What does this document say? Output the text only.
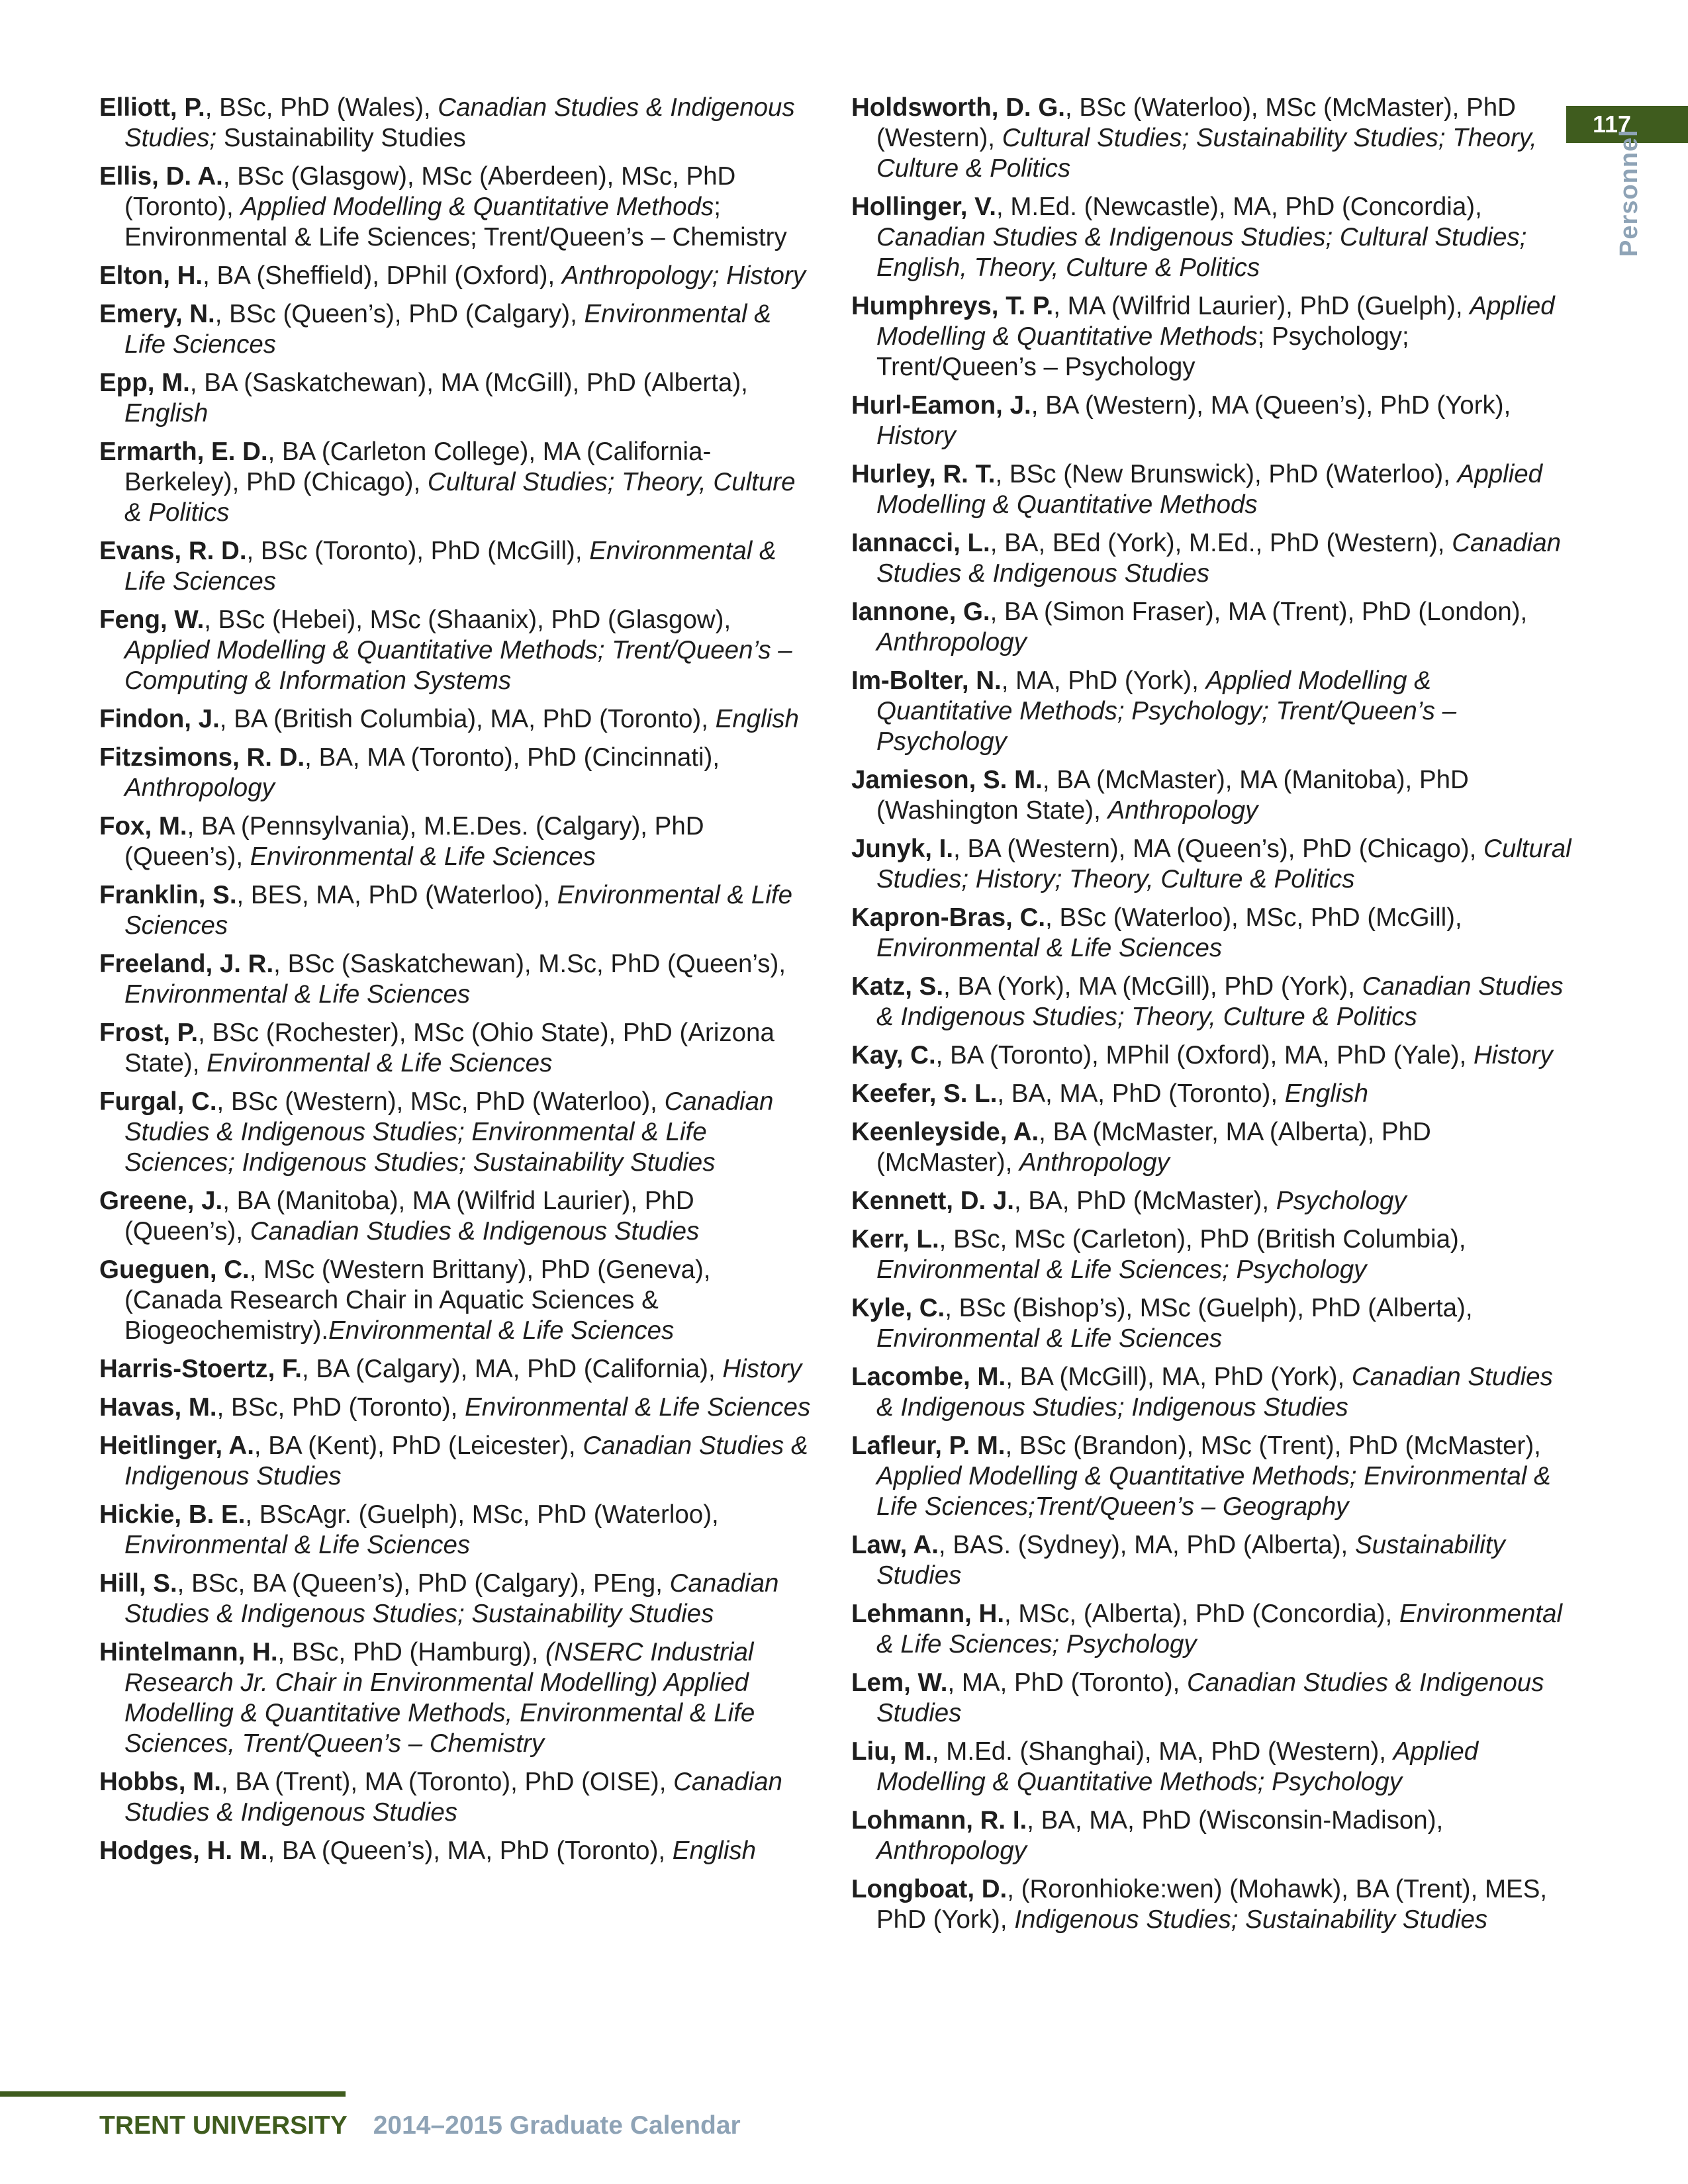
117
Personnel
Elliott, P., BSc, PhD (Wales), Canadian Studies & Indigenous Studies; Sustainability Studies
Ellis, D. A., BSc (Glasgow), MSc (Aberdeen), MSc, PhD (Toronto), Applied Modelling & Quantitative Methods; Environmental & Life Sciences; Trent/Queen’s – Chemistry
Elton, H., BA (Sheffield), DPhil (Oxford), Anthropology; History
Emery, N., BSc (Queen’s), PhD (Calgary), Environmental & Life Sciences
Epp, M., BA (Saskatchewan), MA (McGill), PhD (Alberta), English
Ermarth, E. D., BA (Carleton College), MA (California-Berkeley), PhD (Chicago), Cultural Studies; Theory, Culture & Politics
Evans, R. D., BSc (Toronto), PhD (McGill), Environmental & Life Sciences
Feng, W., BSc (Hebei), MSc (Shaanix), PhD (Glasgow), Applied Modelling & Quantitative Methods; Trent/Queen’s – Computing & Information Systems
Findon, J., BA (British Columbia), MA, PhD (Toronto), English
Fitzsimons, R. D., BA, MA (Toronto), PhD (Cincinnati), Anthropology
Fox, M., BA (Pennsylvania), M.E.Des. (Calgary), PhD (Queen’s), Environmental & Life Sciences
Franklin, S., BES, MA, PhD (Waterloo), Environmental & Life Sciences
Freeland, J. R., BSc (Saskatchewan), M.Sc, PhD (Queen’s), Environmental & Life Sciences
Frost, P., BSc (Rochester), MSc (Ohio State), PhD (Arizona State), Environmental & Life Sciences
Furgal, C., BSc (Western), MSc, PhD (Waterloo), Canadian Studies & Indigenous Studies; Environmental & Life Sciences; Indigenous Studies; Sustainability Studies
Greene, J., BA (Manitoba), MA (Wilfrid Laurier), PhD (Queen’s), Canadian Studies & Indigenous Studies
Gueguen, C., MSc (Western Brittany), PhD (Geneva), (Canada Research Chair in Aquatic Sciences & Biogeochemistry).Environmental & Life Sciences
Harris-Stoertz, F., BA (Calgary), MA, PhD (California), History
Havas, M., BSc, PhD (Toronto), Environmental & Life Sciences
Heitlinger, A., BA (Kent), PhD (Leicester), Canadian Studies & Indigenous Studies
Hickie, B. E., BScAgr. (Guelph), MSc, PhD (Waterloo), Environmental & Life Sciences
Hill, S., BSc, BA (Queen’s), PhD (Calgary), PEng, Canadian Studies & Indigenous Studies; Sustainability Studies
Hintelmann, H., BSc, PhD (Hamburg), (NSERC Industrial Research Jr. Chair in Environmental Modelling) Applied Modelling & Quantitative Methods, Environmental & Life Sciences, Trent/Queen’s – Chemistry
Hobbs, M., BA (Trent), MA (Toronto), PhD (OISE), Canadian Studies & Indigenous Studies
Hodges, H. M., BA (Queen’s), MA, PhD (Toronto), English
Holdsworth, D. G., BSc (Waterloo), MSc (McMaster), PhD (Western), Cultural Studies; Sustainability Studies; Theory, Culture & Politics
Hollinger, V., M.Ed. (Newcastle), MA, PhD (Concordia), Canadian Studies & Indigenous Studies; Cultural Studies; English, Theory, Culture & Politics
Humphreys, T. P., MA (Wilfrid Laurier), PhD (Guelph), Applied Modelling & Quantitative Methods; Psychology; Trent/Queen’s – Psychology
Hurl-Eamon, J., BA (Western), MA (Queen’s), PhD (York), History
Hurley, R. T., BSc (New Brunswick), PhD (Waterloo), Applied Modelling & Quantitative Methods
Iannacci, L., BA, BEd (York), M.Ed., PhD (Western), Canadian Studies & Indigenous Studies
Iannone, G., BA (Simon Fraser), MA (Trent), PhD (London), Anthropology
Im-Bolter, N., MA, PhD (York), Applied Modelling & Quantitative Methods; Psychology; Trent/Queen’s – Psychology
Jamieson, S. M., BA (McMaster), MA (Manitoba), PhD (Washington State), Anthropology
Junyk, I., BA (Western), MA (Queen’s), PhD (Chicago), Cultural Studies; History; Theory, Culture & Politics
Kapron-Bras, C., BSc (Waterloo), MSc, PhD (McGill), Environmental & Life Sciences
Katz, S., BA (York), MA (McGill), PhD (York), Canadian Studies & Indigenous Studies; Theory, Culture & Politics
Kay, C., BA (Toronto), MPhil (Oxford), MA, PhD (Yale), History
Keefer, S. L., BA, MA, PhD (Toronto), English
Keenleyside, A., BA (McMaster, MA (Alberta), PhD (McMaster), Anthropology
Kennett, D. J., BA, PhD (McMaster), Psychology
Kerr, L., BSc, MSc (Carleton), PhD (British Columbia), Environmental & Life Sciences; Psychology
Kyle, C., BSc (Bishop’s), MSc (Guelph), PhD (Alberta), Environmental & Life Sciences
Lacombe, M., BA (McGill), MA, PhD (York), Canadian Studies & Indigenous Studies; Indigenous Studies
Lafleur, P. M., BSc (Brandon), MSc (Trent), PhD (McMaster), Applied Modelling & Quantitative Methods; Environmental & Life Sciences;Trent/Queen’s – Geography
Law, A., BAS. (Sydney), MA, PhD (Alberta), Sustainability Studies
Lehmann, H., MSc, (Alberta), PhD (Concordia), Environmental & Life Sciences; Psychology
Lem, W., MA, PhD (Toronto), Canadian Studies & Indigenous Studies
Liu, M., M.Ed. (Shanghai), MA, PhD (Western), Applied Modelling & Quantitative Methods; Psychology
Lohmann, R. I., BA, MA, PhD (Wisconsin-Madison), Anthropology
Longboat, D., (Roronhioke:wen) (Mohawk), BA (Trent), MES, PhD (York), Indigenous Studies; Sustainability Studies
TRENT UNIVERSITY 2014–2015 Graduate Calendar
